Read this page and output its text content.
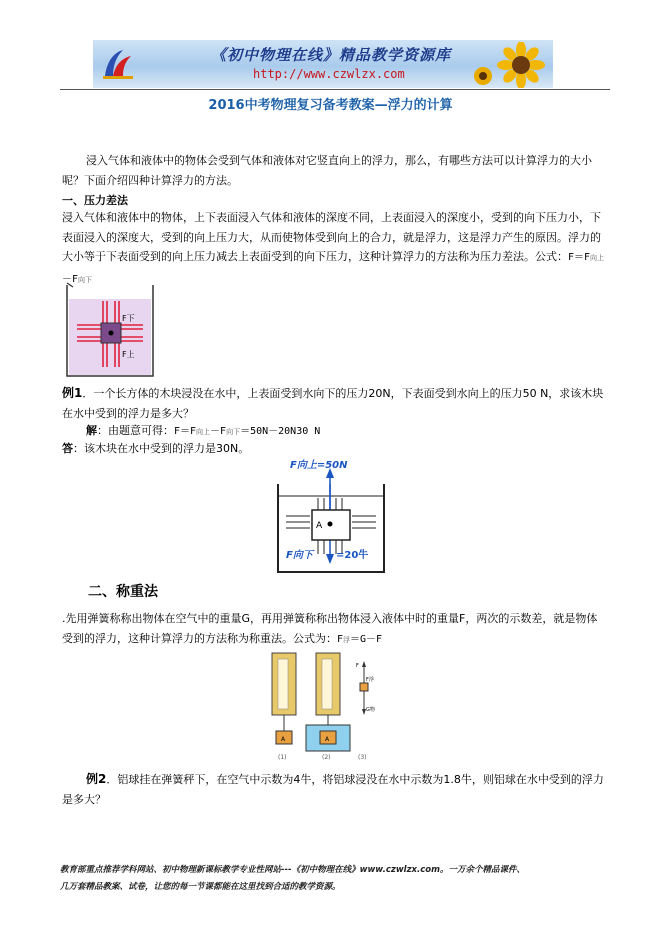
《初中物理在线》精品教学资源库
http://www.czwlzx.com
2016中考物理复习备考教案—浮力的计算
浸入气体和液体中的物体会受到气体和液体对它竖直向上的浮力，那么，有哪些方法可以计算浮力的大小呢？下面介绍四种计算浮力的方法。
一、压力差法
浸入气体和液体中的物体，上下表面浸入气体和液体的深度不同，上表面浸入的深度小，受到的向下压力小，下表面浸入的深度大，受到的向上压力大，从而使物体受到向上的合力，就是浮力，这是浮力产生的原因。浮力的大小等于下表面受到的向上压力减去上表面受到的向下压力，这种计算浮力的方法称为压力差法。公式：F＝F向上－F向下
F下
F上
例1．一个长方体的木块浸没在水中，上表面受到水向下的压力20N，下表面受到水向上的压力50 N，求该木块在水中受到的浮力是多大？
解：由题意可得：F＝F向上－F向下＝50N－20N30 N
答：该木块在水中受到的浮力是30N。
A
F向上=50N
F向下 =20牛
二、称重法
.先用弹簧称称出物体在空气中的重量G，再用弹簧称称出物体浸入液体中时的重量F，两次的示数差，就是物体受到的浮力，这种计算浮力的方法称为称重法。公式为：F浮＝G－F
A	A
F
F浮
G物
(1)	(2)	(3)
例2．铝球挂在弹簧秤下，在空气中示数为4牛，将铝球浸没在水中示数为1.8牛，则铝球在水中受到的浮力是多大？
教育部重点推荐学科网站、初中物理新课标教学专业性网站---《初中物理在线》www.czwlzx.com。一万余个精品课件、
几万套精品教案、试卷，让您的每一节课都能在这里找到合适的教学资源。
